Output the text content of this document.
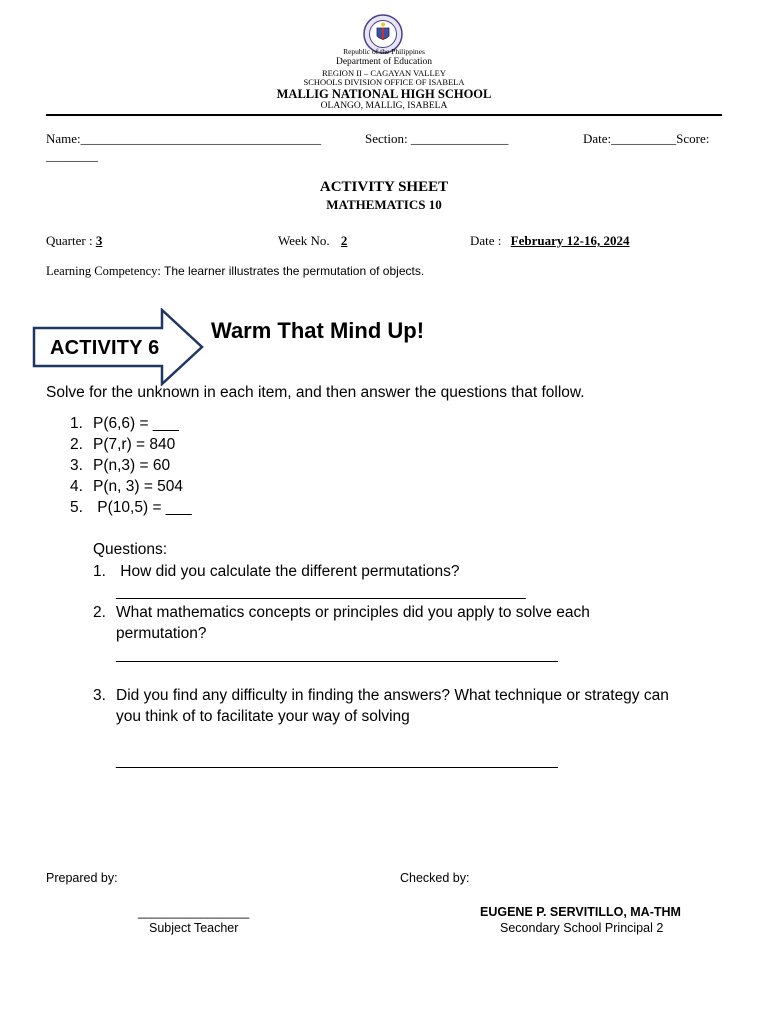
Republic of the Philippines
Department of Education
REGION II – CAGAYAN VALLEY
SCHOOLS DIVISION OFFICE OF ISABELA
MALLIG NATIONAL HIGH SCHOOL
OLANGO, MALLIG, ISABELA
Name:_____________________________________	Section: _______________	Date:__________Score:
________
ACTIVITY SHEET
MATHEMATICS 10
Quarter : 3	Week No. 2	Date : February 12-16, 2024
Learning Competency: The learner illustrates the permutation of objects.
ACTIVITY 6
Warm That Mind Up!
Solve for the unknown in each item, and then answer the questions that follow.
1. P(6,6) = ___
2. P(7,r) = 840
3. P(n,3) = 60
4. P(n, 3) = 504
5. P(10,5) = ___
Questions:
1. How did you calculate the different permutations?
___________________________________________________
2. What mathematics concepts or principles did you apply to solve each
permutation?
_______________________________________________________
3. Did you find any difficulty in finding the answers? What technique or strategy can
you think of to facilitate your way of solving
_______________________________________________________
Prepared by:	Checked by:
________________
Subject Teacher
EUGENE P. SERVITILLO, MA-THM
Secondary School Principal 2
